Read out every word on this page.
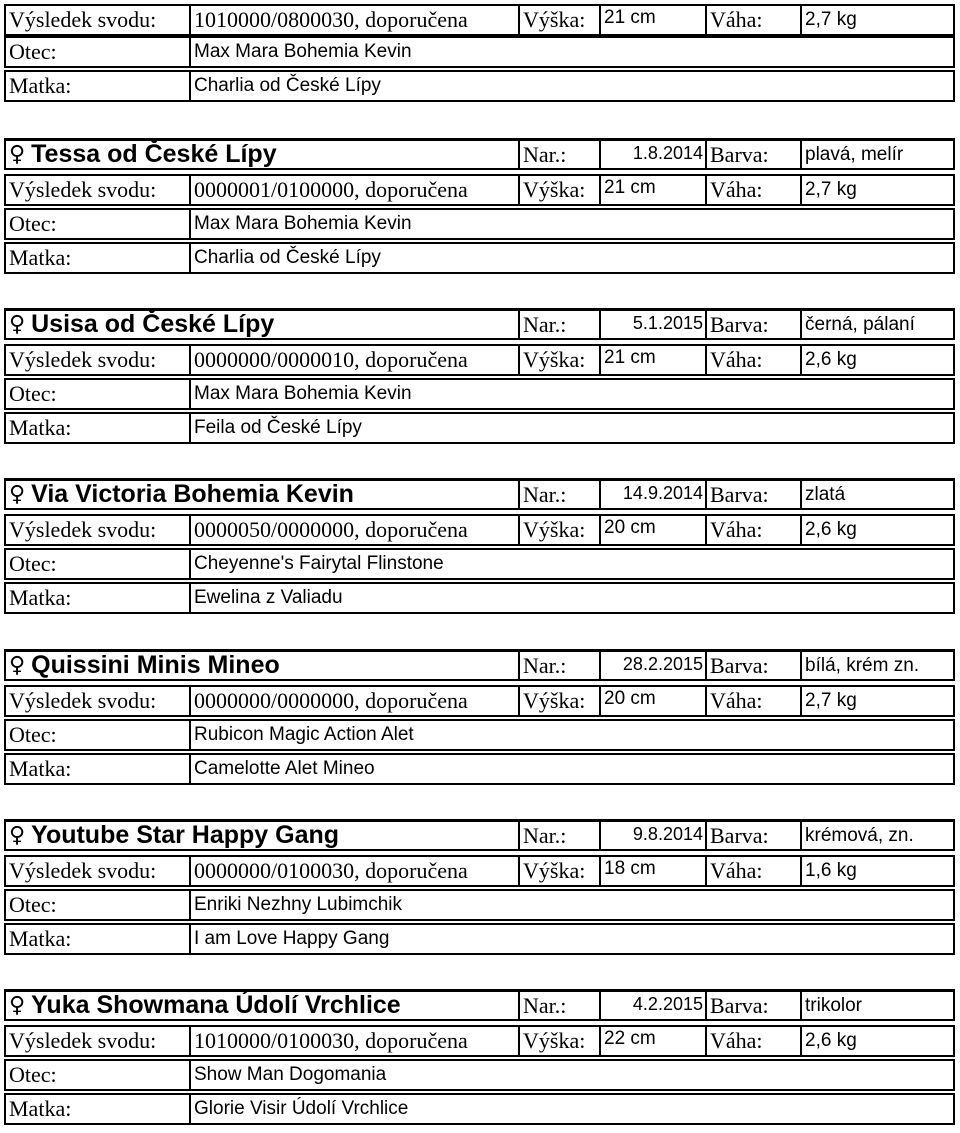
Výsledek svodu:	1010000/0800030, doporučena	Výška: 21 cm	Váha:	2,7 kg
Otec:	Max Mara Bohemia Kevin
Matka:	Charlia od České Lípy
♀ Tessa od České Lípy	Nar.:	1.8.2014 Barva:	plavá, melír
Výsledek svodu:	0000001/0100000, doporučena	Výška: 21 cm	Váha:	2,7 kg
Otec:	Max Mara Bohemia Kevin
Matka:	Charlia od České Lípy
♀ Usisa od České Lípy	Nar.:	5.1.2015 Barva:	černá, pálaní
Výsledek svodu:	0000000/0000010, doporučena	Výška: 21 cm	Váha:	2,6 kg
Otec:	Max Mara Bohemia Kevin
Matka:	Feila od České Lípy
♀ Via Victoria Bohemia Kevin	Nar.:	14.9.2014 Barva:	zlatá
Výsledek svodu:	0000050/0000000, doporučena	Výška: 20 cm	Váha:	2,6 kg
Otec:	Cheyenne's Fairytal Flinstone
Matka:	Ewelina z Valiadu
♀ Quissini Minis Mineo	Nar.:	28.2.2015 Barva:	bílá, krém zn.
Výsledek svodu:	0000000/0000000, doporučena	Výška: 20 cm	Váha:	2,7 kg
Otec:	Rubicon Magic Action Alet
Matka:	Camelotte Alet Mineo
♀ Youtube Star Happy Gang	Nar.:	9.8.2014 Barva:	krémová, zn.
Výsledek svodu:	0000000/0100030, doporučena	Výška: 18 cm	Váha:	1,6 kg
Otec:	Enriki Nezhny Lubimchik
Matka:	I am Love Happy Gang
♀ Yuka Showmana Údolí Vrchlice	Nar.:	4.2.2015 Barva:	trikolor
Výsledek svodu:	1010000/0100030, doporučena	Výška: 22 cm	Váha:	2,6 kg
Otec:	Show Man Dogomania
Matka:	Glorie Visir Údolí Vrchlice
